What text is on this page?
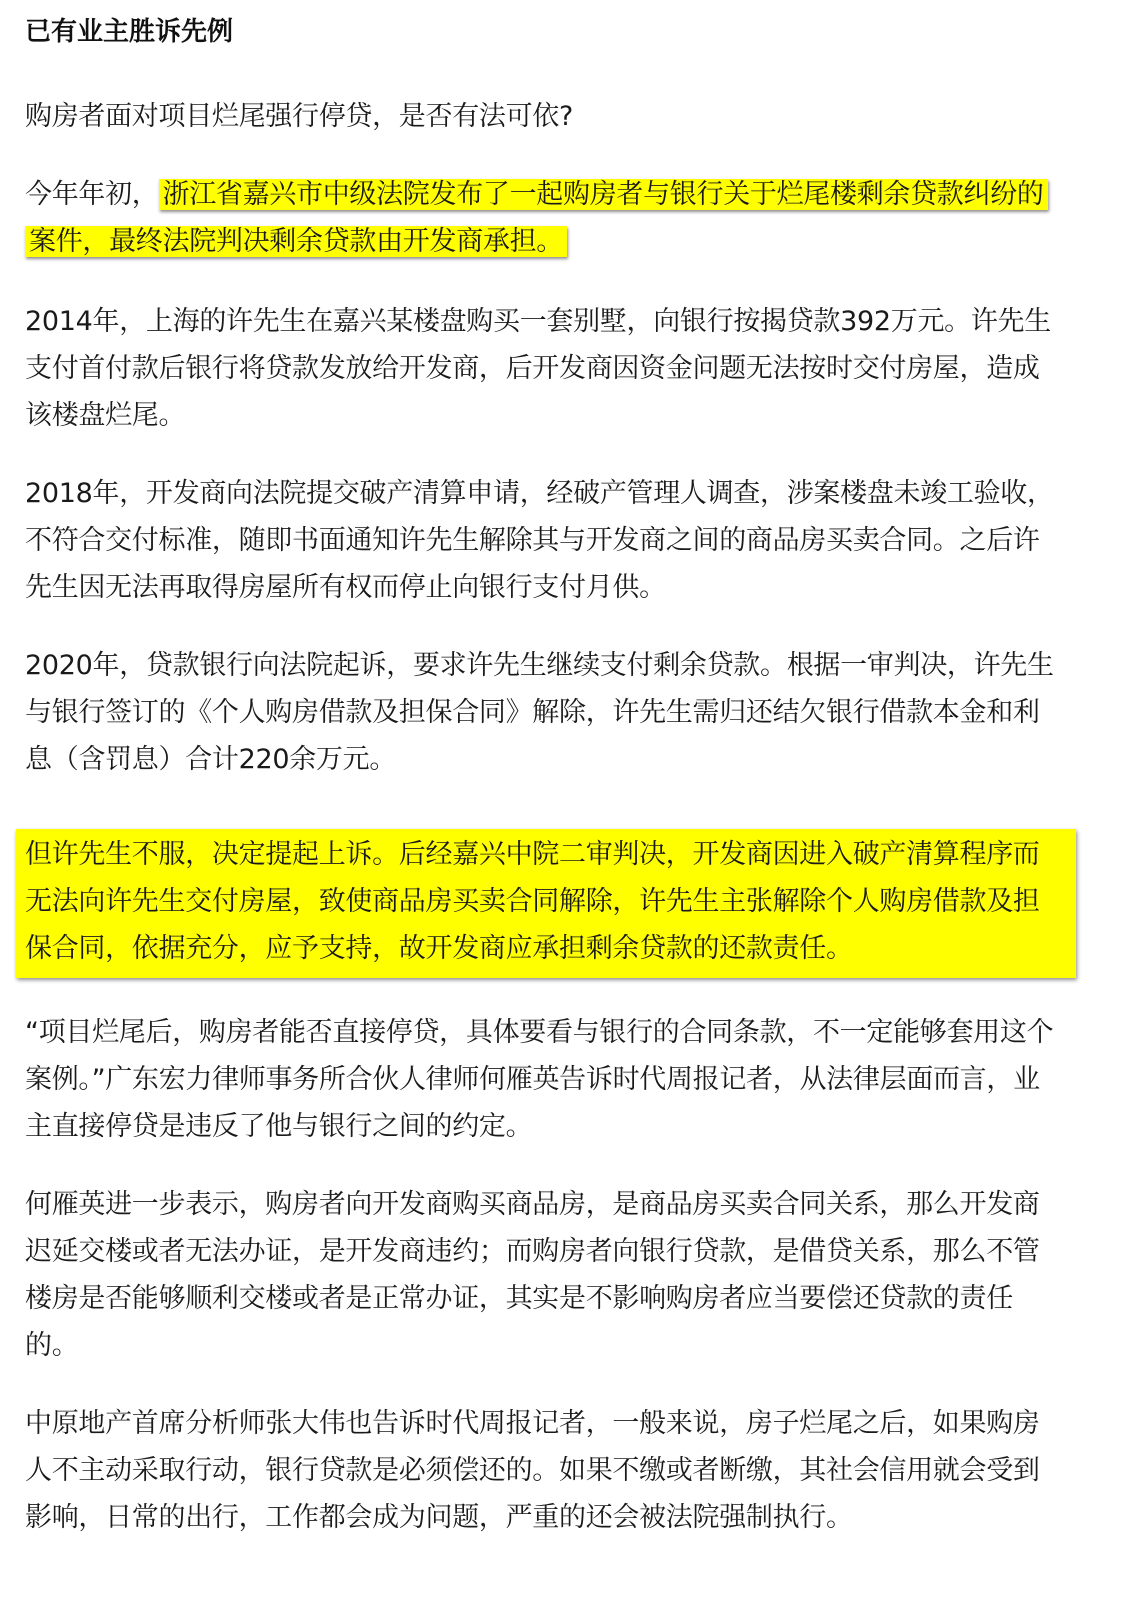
已有业主胜诉先例

购房者面对项目烂尾强行停贷，是否有法可依?

今年年初， 浙江省嘉兴市中级法院发布了一起购房者与银行关于烂尾楼剩余贷款纠纷的案件，最终法院判决剩余贷款由开发商承担。

2014年，上海的许先生在嘉兴某楼盘购买一套别墅，向银行按揭贷款392万元。许先生支付首付款后银行将贷款发放给开发商，后开发商因资金问题无法按时交付房屋，造成该楼盘烂尾。

2018年，开发商向法院提交破产清算申请，经破产管理人调查，涉案楼盘未竣工验收，不符合交付标准，随即书面通知许先生解除其与开发商之间的商品房买卖合同。之后许先生因无法再取得房屋所有权而停止向银行支付月供。

2020年，贷款银行向法院起诉，要求许先生继续支付剩余贷款。根据一审判决，许先生与银行签订的《个人购房借款及担保合同》解除，许先生需归还结欠银行借款本金和利息（含罚息）合计220余万元。

但许先生不服，决定提起上诉。后经嘉兴中院二审判决，开发商因进入破产清算程序而无法向许先生交付房屋，致使商品房买卖合同解除，许先生主张解除个人购房借款及担保合同，依据充分，应予支持，故开发商应承担剩余贷款的还款责任。

“项目烂尾后，购房者能否直接停贷，具体要看与银行的合同条款，不一定能够套用这个案例。”广东宏力律师事务所合伙人律师何雁英告诉时代周报记者，从法律层面而言，业主直接停贷是违反了他与银行之间的约定。

何雁英进一步表示，购房者向开发商购买商品房，是商品房买卖合同关系，那么开发商迟延交楼或者无法办证，是开发商违约；而购房者向银行贷款，是借贷关系，那么不管楼房是否能够顺利交楼或者是正常办证，其实是不影响购房者应当要偿还贷款的责任的。

中原地产首席分析师张大伟也告诉时代周报记者，一般来说，房子烂尾之后，如果购房人不主动采取行动，银行贷款是必须偿还的。如果不缴或者断缴，其社会信用就会受到影响，日常的出行，工作都会成为问题，严重的还会被法院强制执行。
